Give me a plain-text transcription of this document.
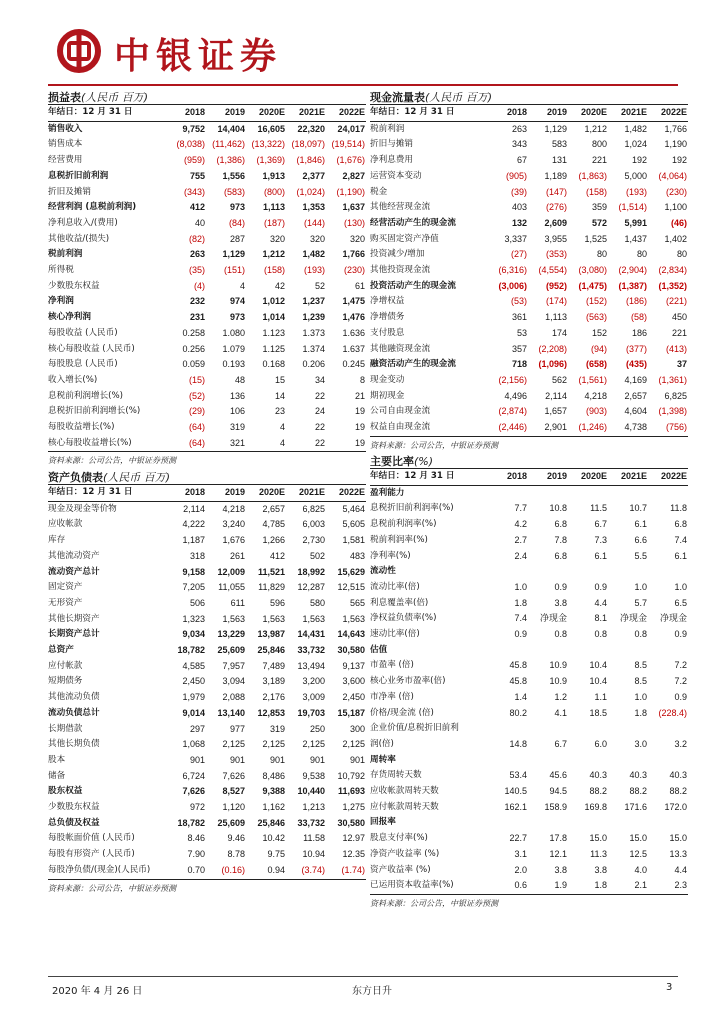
中银证券
损益表(人民币 百万)
年结日：12 月 31 日	2018	2019	2020E	2021E	2022E
销售收入	9,752	14,404	16,605	22,320	24,017
销售成本	(8,038)	(11,462)	(13,322)	(18,097)	(19,514)
经营费用	(959)	(1,386)	(1,369)	(1,846)	(1,676)
息税折旧前利润	755	1,556	1,913	2,377	2,827
折旧及摊销	(343)	(583)	(800)	(1,024)	(1,190)
经营利润 (息税前利润)	412	973	1,113	1,353	1,637
净利息收入/(费用)	40	(84)	(187)	(144)	(130)
其他收益/(损失)	(82)	287	320	320	320
税前利润	263	1,129	1,212	1,482	1,766
所得税	(35)	(151)	(158)	(193)	(230)
少数股东权益	(4)	4	42	52	61
净利润	232	974	1,012	1,237	1,475
核心净利润	231	973	1,014	1,239	1,476
每股收益 (人民币)	0.258	1.080	1.123	1.373	1.636
核心每股收益 (人民币)	0.256	1.079	1.125	1.374	1.637
每股股息 (人民币)	0.059	0.193	0.168	0.206	0.245
收入增长(%)	(15)	48	15	34	8
息税前利润增长(%)	(52)	136	14	22	21
息税折旧前利润增长(%)	(29)	106	23	24	19
每股收益增长(%)	(64)	319	4	22	19
核心每股收益增长(%)	(64)	321	4	22	19
资料来源：公司公告，中银证券预测
现金流量表(人民币 百万)
年结日：12 月 31 日	2018	2019	2020E	2021E	2022E
税前利润	263	1,129	1,212	1,482	1,766
折旧与摊销	343	583	800	1,024	1,190
净利息费用	67	131	221	192	192
运营资本变动	(905)	1,189	(1,863)	5,000	(4,064)
税金	(39)	(147)	(158)	(193)	(230)
其他经营现金流	403	(276)	359	(1,514)	1,100
经营活动产生的现金流	132	2,609	572	5,991	(46)
购买固定资产净值	3,337	3,955	1,525	1,437	1,402
投资减少/增加	(27)	(353)	80	80	80
其他投资现金流	(6,316)	(4,554)	(3,080)	(2,904)	(2,834)
投资活动产生的现金流	(3,006)	(952)	(1,475)	(1,387)	(1,352)
净增权益	(53)	(174)	(152)	(186)	(221)
净增债务	361	1,113	(563)	(58)	450
支付股息	53	174	152	186	221
其他融资现金流	357	(2,208)	(94)	(377)	(413)
融资活动产生的现金流	718	(1,096)	(658)	(435)	37
现金变动	(2,156)	562	(1,561)	4,169	(1,361)
期初现金	4,496	2,114	4,218	2,657	6,825
公司自由现金流	(2,874)	1,657	(903)	4,604	(1,398)
权益自由现金流	(2,446)	2,901	(1,246)	4,738	(756)
资料来源：公司公告，中银证券预测
资产负债表(人民币 百万)
年结日：12 月 31 日	2018	2019	2020E	2021E	2022E
现金及现金等价物	2,114	4,218	2,657	6,825	5,464
应收帐款	4,222	3,240	4,785	6,003	5,605
库存	1,187	1,676	1,266	2,730	1,581
其他流动资产	318	261	412	502	483
流动资产总计	9,158	12,009	11,521	18,992	15,629
固定资产	7,205	11,055	11,829	12,287	12,515
无形资产	506	611	596	580	565
其他长期资产	1,323	1,563	1,563	1,563	1,563
长期资产总计	9,034	13,229	13,987	14,431	14,643
总资产	18,782	25,609	25,846	33,732	30,580
应付帐款	4,585	7,957	7,489	13,494	9,137
短期债务	2,450	3,094	3,189	3,200	3,600
其他流动负债	1,979	2,088	2,176	3,009	2,450
流动负债总计	9,014	13,140	12,853	19,703	15,187
长期借款	297	977	319	250	300
其他长期负债	1,068	2,125	2,125	2,125	2,125
股本	901	901	901	901	901
储备	6,724	7,626	8,486	9,538	10,792
股东权益	7,626	8,527	9,388	10,440	11,693
少数股东权益	972	1,120	1,162	1,213	1,275
总负债及权益	18,782	25,609	25,846	33,732	30,580
每股帐面价值 (人民币)	8.46	9.46	10.42	11.58	12.97
每股有形资产 (人民币)	7.90	8.78	9.75	10.94	12.35
每股净负债/(现金)(人民币)	0.70	(0.16)	0.94	(3.74)	(1.74)
资料来源：公司公告，中银证券预测
主要比率(%)
年结日：12 月 31 日	2018	2019	2020E	2021E	2022E
盈利能力					
息税折旧前利润率(%)	7.7	10.8	11.5	10.7	11.8
息税前利润率(%)	4.2	6.8	6.7	6.1	6.8
税前利润率(%)	2.7	7.8	7.3	6.6	7.4
净利率(%)	2.4	6.8	6.1	5.5	6.1
流动性					
流动比率(倍)	1.0	0.9	0.9	1.0	1.0
利息覆盖率(倍)	1.8	3.8	4.4	5.7	6.5
净权益负债率(%)	7.4	净现金	8.1	净现金	净现金
速动比率(倍)	0.9	0.8	0.8	0.8	0.9
估值					
市盈率 (倍)	45.8	10.9	10.4	8.5	7.2
核心业务市盈率(倍)	45.8	10.9	10.4	8.5	7.2
市净率 (倍)	1.4	1.2	1.1	1.0	0.9
价格/现金流 (倍)	80.2	4.1	18.5	1.8	(228.4)
企业价值/息税折旧前利					
润(倍)	14.8	6.7	6.0	3.0	3.2
周转率					
存货周转天数	53.4	45.6	40.3	40.3	40.3
应收帐款周转天数	140.5	94.5	88.2	88.2	88.2
应付帐款周转天数	162.1	158.9	169.8	171.6	172.0
回报率					
股息支付率(%)	22.7	17.8	15.0	15.0	15.0
净资产收益率 (%)	3.1	12.1	11.3	12.5	13.3
资产收益率 (%)	2.0	3.8	3.8	4.0	4.4
已运用资本收益率(%)	0.6	1.9	1.8	2.1	2.3
资料来源：公司公告，中银证券预测
2020 年 4 月 26 日	东方日升	3
